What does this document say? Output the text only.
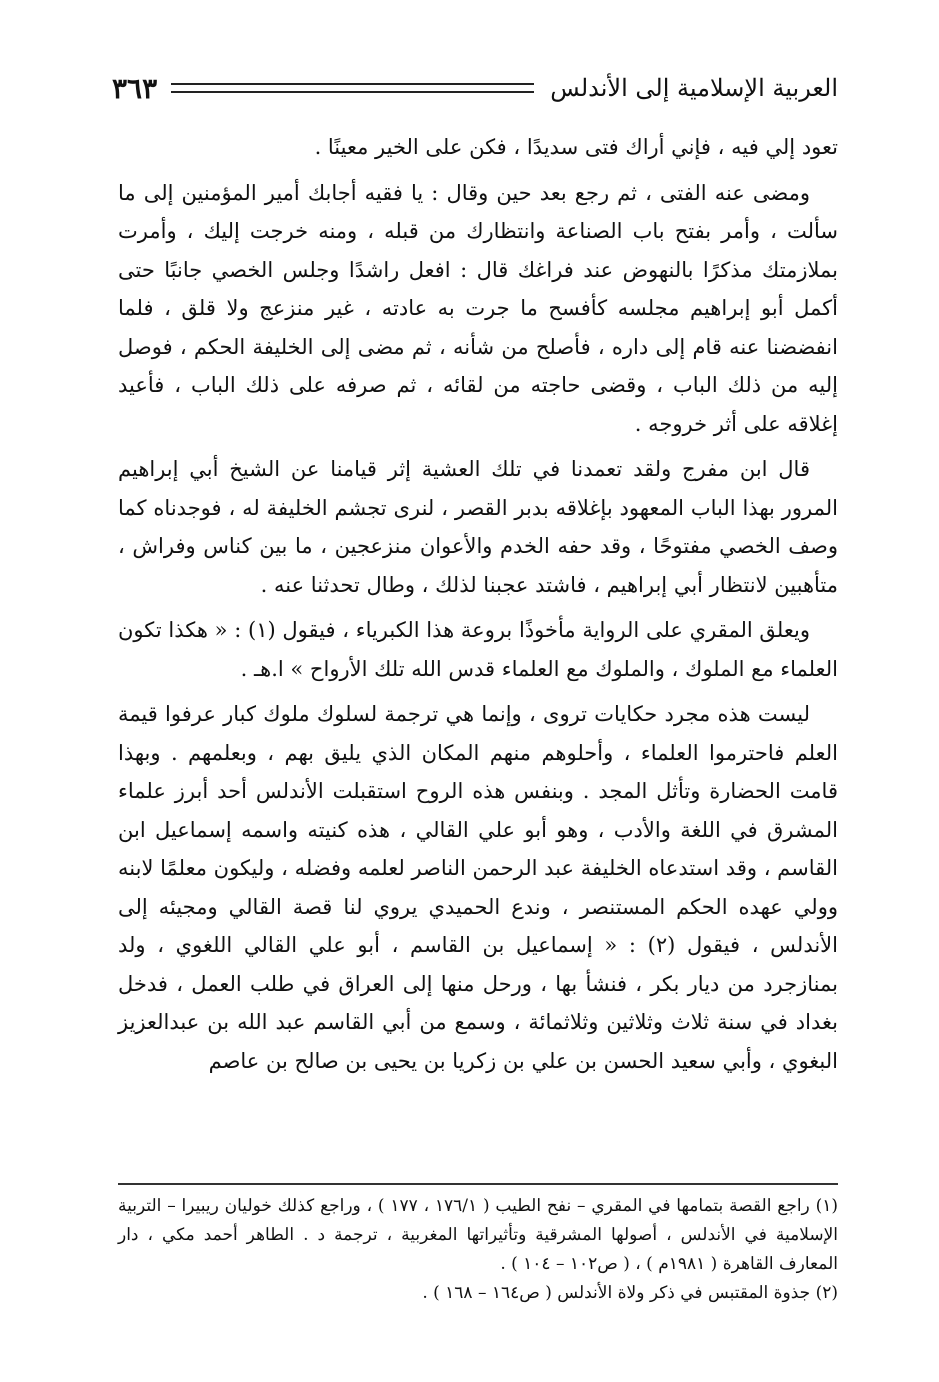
العربية الإسلامية إلى الأندلس
٣٦٣

تعود إلي فيه ، فإني أراك فتى سديدًا ، فكن على الخير معينًا .

ومضى عنه الفتى ، ثم رجع بعد حين وقال : يا فقيه أجابك أمير المؤمنين إلى ما سألت ، وأمر بفتح باب الصناعة وانتظارك من قبله ، ومنه خرجت إليك ، وأمرت بملازمتك مذكرًا بالنهوض عند فراغك قال : افعل راشدًا وجلس الخصي جانبًا حتى أكمل أبو إبراهيم مجلسه كأفسح ما جرت به عادته ، غير منزعج ولا قلق ، فلما انفضضنا عنه قام إلى داره ، فأصلح من شأنه ، ثم مضى إلى الخليفة الحكم ، فوصل إليه من ذلك الباب ، وقضى حاجته من لقائه ، ثم صرفه على ذلك الباب ، فأعيد إغلاقه على أثر خروجه .

قال ابن مفرج ولقد تعمدنا في تلك العشية إثر قيامنا عن الشيخ أبي إبراهيم المرور بهذا الباب المعهود بإغلاقه بدبر القصر ، لنرى تجشم الخليفة له ، فوجدناه كما وصف الخصي مفتوحًا ، وقد حفه الخدم والأعوان منزعجين ، ما بين كناس وفراش ، متأهبين لانتظار أبي إبراهيم ، فاشتد عجبنا لذلك ، وطال تحدثنا عنه .

ويعلق المقري على الرواية مأخوذًا بروعة هذا الكبرياء ، فيقول (١) : « هكذا تكون العلماء مع الملوك ، والملوك مع العلماء قدس الله تلك الأرواح » ا.هـ .

ليست هذه مجرد حكايات تروى ، وإنما هي ترجمة لسلوك ملوك كبار عرفوا قيمة العلم فاحترموا العلماء ، وأحلوهم منهم المكان الذي يليق بهم ، وبعلمهم . وبهذا قامت الحضارة وتأثل المجد . وبنفس هذه الروح استقبلت الأندلس أحد أبرز علماء المشرق في اللغة والأدب ، وهو أبو علي القالي ، هذه كنيته واسمه إسماعيل ابن القاسم ، وقد استدعاه الخليفة عبد الرحمن الناصر لعلمه وفضله ، وليكون معلمًا لابنه وولي عهده الحكم المستنصر ، وندع الحميدي يروي لنا قصة القالي ومجيئه إلى الأندلس ، فيقول (٢) : « إسماعيل بن القاسم ، أبو علي القالي اللغوي ، ولد بمنازجرد من ديار بكر ، فنشأ بها ، ورحل منها إلى العراق في طلب العمل ، فدخل بغداد في سنة ثلاث وثلاثين وثلاثمائة ، وسمع من أبي القاسم عبد الله بن عبدالعزيز البغوي ، وأبي سعيد الحسن بن علي بن زكريا بن يحيى بن صالح بن عاصم

(١) راجع القصة بتمامها في المقري – نفح الطيب ( ١٧٦/١ ، ١٧٧ ) ، وراجع كذلك خوليان ريبيرا – التربية الإسلامية في الأندلس ، أصولها المشرقية وتأثيراتها المغربية ، ترجمة د . الطاهر أحمد مكي ، دار المعارف القاهرة ( ١٩٨١م ) ، ( ص١٠٢ – ١٠٤ ) .

(٢) جذوة المقتبس في ذكر ولاة الأندلس ( ص١٦٤ – ١٦٨ ) .
